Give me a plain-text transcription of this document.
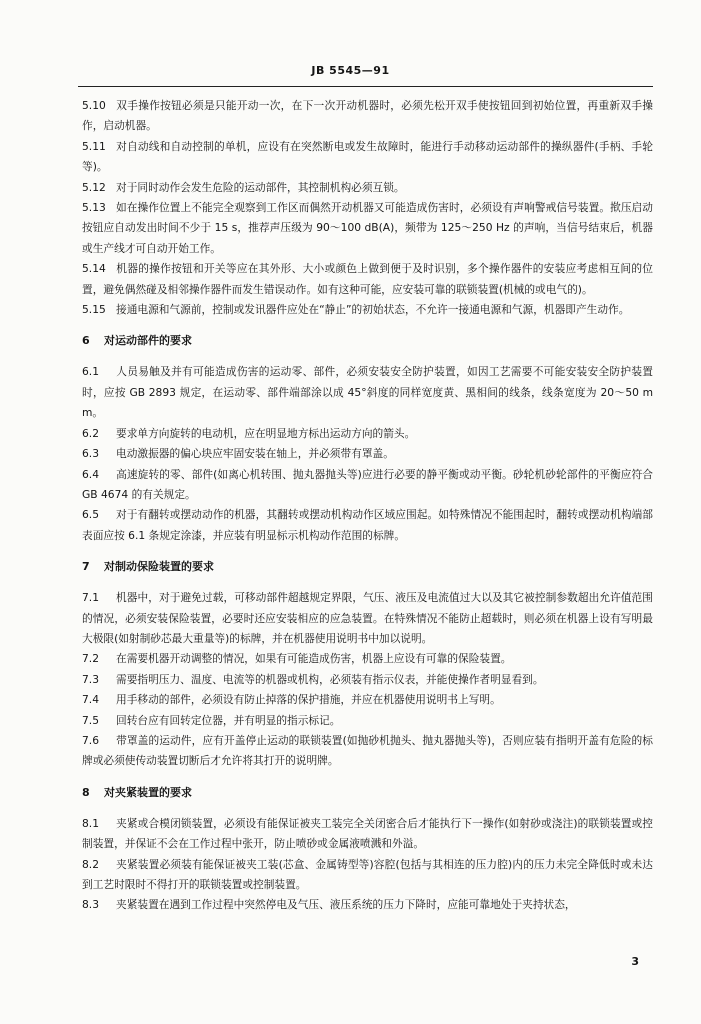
JB 5545—91

5.10 双手操作按钮必须是只能开动一次，在下一次开动机器时，必须先松开双手使按钮回到初始位置，再重新双手操作，启动机器。

5.11 对自动线和自动控制的单机，应设有在突然断电或发生故障时，能进行手动移动运动部件的操纵器件(手柄、手轮等)。

5.12 对于同时动作会发生危险的运动部件，其控制机构必须互锁。

5.13 如在操作位置上不能完全观察到工作区而偶然开动机器又可能造成伤害时，必须设有声响警戒信号装置。揿压启动按钮应自动发出时间不少于 15 s，推荐声压级为 90～100 dB(A)，频带为 125～250 Hz 的声响，当信号结束后，机器或生产线才可自动开始工作。

5.14 机器的操作按钮和开关等应在其外形、大小或颜色上做到便于及时识别，多个操作器件的安装应考虑相互间的位置，避免偶然碰及相邻操作器件而发生错误动作。如有这种可能，应安装可靠的联锁装置(机械的或电气的)。

5.15 接通电源和气源前，控制或发讯器件应处在“静止”的初始状态，不允许一接通电源和气源，机器即产生动作。

6 对运动部件的要求

6.1 人员易触及并有可能造成伤害的运动零、部件，必须安装安全防护装置，如因工艺需要不可能安装安全防护装置时，应按 GB 2893 规定，在运动零、部件端部涂以成 45°斜度的同样宽度黄、黑相间的线条，线条宽度为 20～50 mm。

6.2 要求单方向旋转的电动机，应在明显地方标出运动方向的箭头。

6.3 电动激振器的偏心块应牢固安装在轴上，并必须带有罩盖。

6.4 高速旋转的零、部件(如离心机转围、抛丸器抛头等)应进行必要的静平衡或动平衡。砂轮机砂轮部件的平衡应符合 GB 4674 的有关规定。

6.5 对于有翻转或摆动动作的机器，其翻转或摆动机构动作区域应围起。如特殊情况不能围起时，翻转或摆动机构端部表面应按 6.1 条规定涂漆，并应装有明显标示机构动作范围的标牌。

7 对制动保险装置的要求

7.1 机器中，对于避免过载，可移动部件超越规定界限，气压、液压及电流值过大以及其它被控制参数超出允许值范围的情况，必须安装保险装置，必要时还应安装相应的应急装置。在特殊情况不能防止超载时，则必须在机器上设有写明最大极限(如射制砂芯最大重量等)的标牌，并在机器使用说明书中加以说明。

7.2 在需要机器开动调整的情况，如果有可能造成伤害，机器上应设有可靠的保险装置。

7.3 需要指明压力、温度、电流等的机器或机构，必须装有指示仪表，并能使操作者明显看到。

7.4 用手移动的部件，必须设有防止掉落的保护措施，并应在机器使用说明书上写明。

7.5 回转台应有回转定位器，并有明显的指示标记。

7.6 带罩盖的运动件，应有开盖停止运动的联锁装置(如抛砂机抛头、抛丸器抛头等)，否则应装有指明开盖有危险的标牌或必须使传动装置切断后才允许将其打开的说明牌。

8 对夹紧装置的要求

8.1 夹紧或合模闭锁装置，必须设有能保证被夹工装完全关闭密合后才能执行下一操作(如射砂或浇注)的联锁装置或控制装置，并保证不会在工作过程中张开，防止喷砂或金属液喷溅和外溢。

8.2 夹紧装置必须装有能保证被夹工装(芯盒、金属铸型等)容腔(包括与其相连的压力腔)内的压力未完全降低时或未达到工艺时限时不得打开的联锁装置或控制装置。

8.3 夹紧装置在遇到工作过程中突然停电及气压、液压系统的压力下降时，应能可靠地处于夹持状态，

3
